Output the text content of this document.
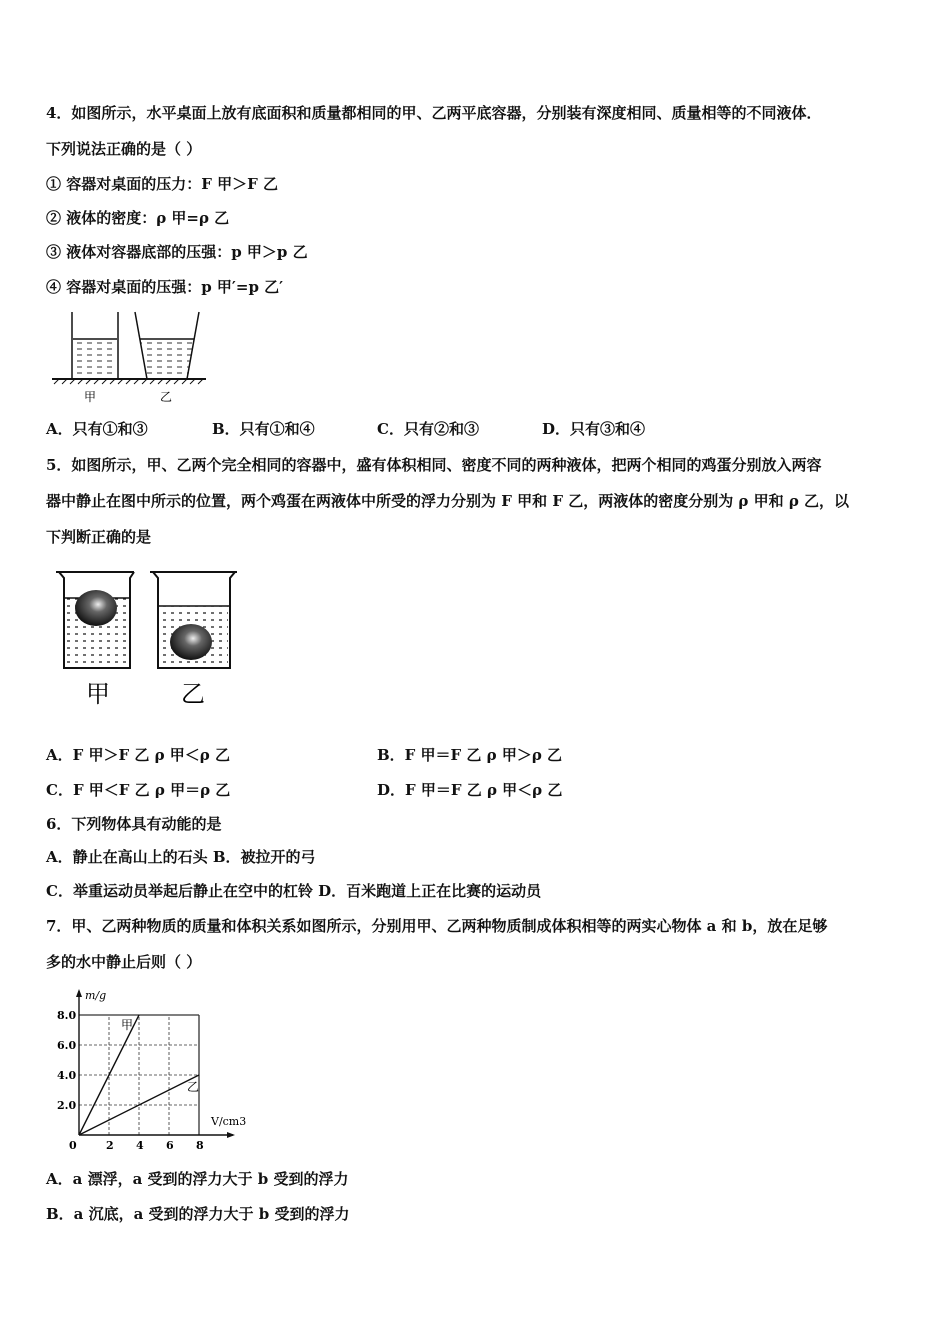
4．如图所示，水平桌面上放有底面积和质量都相同的甲、乙两平底容器，分别装有深度相同、质量相等的不同液体．
下列说法正确的是（ ）
① 容器对桌面的压力：F 甲＞F 乙
② 液体的密度：ρ 甲=ρ 乙
③ 液体对容器底部的压强：p 甲＞p 乙
④ 容器对桌面的压强：p 甲′=p 乙′
甲	乙
A．只有①和③	B．只有①和④	C．只有②和③	D．只有③和④
5．如图所示，甲、乙两个完全相同的容器中，盛有体积相同、密度不同的两种液体，把两个相同的鸡蛋分别放入两容
器中静止在图中所示的位置，两个鸡蛋在两液体中所受的浮力分别为 F 甲和 F 乙，两液体的密度分别为 ρ 甲和 ρ 乙，以
下判断正确的是
甲	乙
A．F 甲＞F 乙 ρ 甲＜ρ 乙	B．F 甲＝F 乙 ρ 甲＞ρ 乙
C．F 甲＜F 乙 ρ 甲＝ρ 乙	D．F 甲＝F 乙 ρ 甲＜ρ 乙
6．下列物体具有动能的是
A．静止在高山上的石头 B．被拉开的弓
C．举重运动员举起后静止在空中的杠铃 D．百米跑道上正在比赛的运动员
7．甲、乙两种物质的质量和体积关系如图所示，分别用甲、乙两种物质制成体积相等的两实心物体 a 和 b，放在足够
多的水中静止后则（ ）
甲
乙
0	2 4 6 8
2.0
4.0
6.0
8.0
m/g
V/cm3
A．a 漂浮，a 受到的浮力大于 b 受到的浮力
B．a 沉底，a 受到的浮力大于 b 受到的浮力
